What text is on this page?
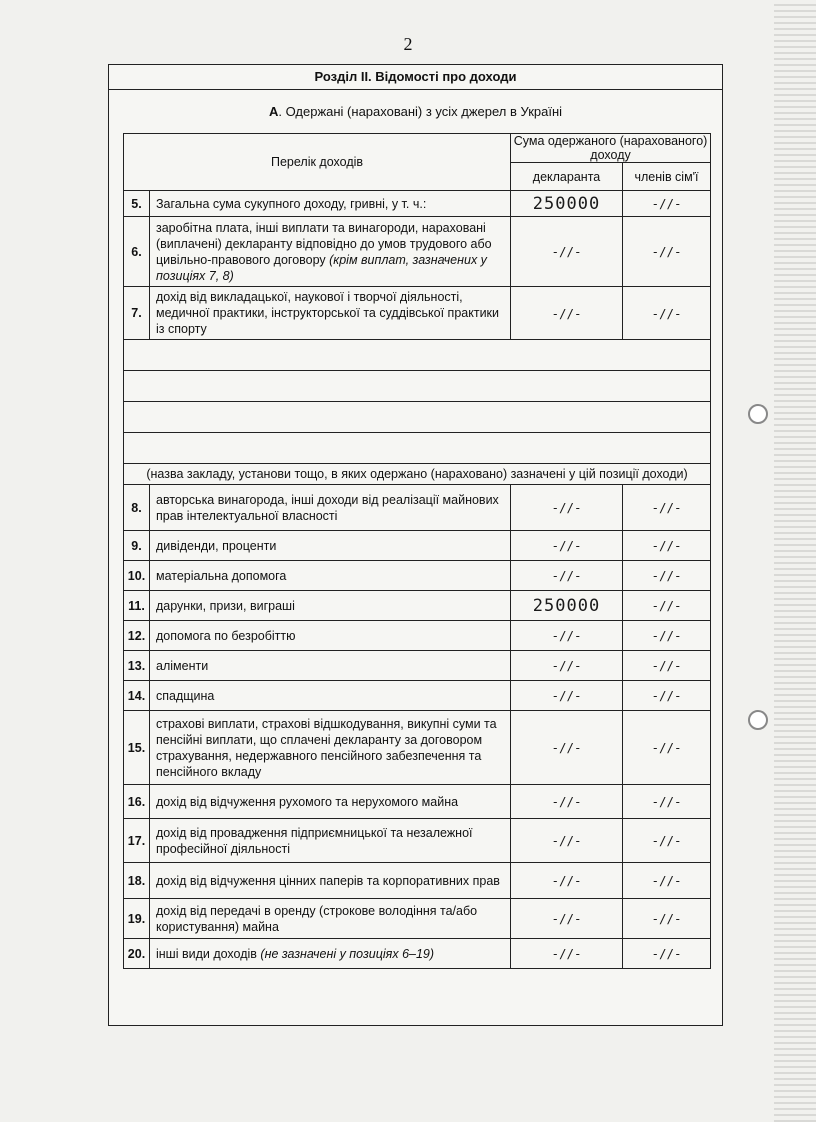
2
Розділ ІІ. Відомості про доходи
А. Одержані (нараховані) з усіх джерел в Україні
Перелік доходів		Сума одержаного (нарахованого) доходу	
		декларанта	членів сім'ї
5.	Загальна сума сукупного доходу, гривні, у т. ч.:	250000	-//-
6.	заробітна плата, інші виплати та винагороди, нараховані (виплачені) декларанту відповідно до умов трудового або цивільно-правового договору (крім виплат, зазначених у позиціях 7, 8)	-//-	-//-
7.	дохід від викладацької, наукової і творчої діяльності, медичної практики, інструкторської та суддівської практики із спорту	-//-	-//-

(назва закладу, установи тощо, в яких одержано (нараховано) зазначені у цій позиції доходи)			
8.	авторська винагорода, інші доходи від реалізації майнових прав інтелектуальної власності	-//-	-//-
9.	дивіденди, проценти	-//-	-//-
10.	матеріальна допомога	-//-	-//-
11.	дарунки, призи, виграші	250000	-//-
12.	допомога по безробіттю	-//-	-//-
13.	аліменти	-//-	-//-
14.	спадщина	-//-	-//-
15.	страхові виплати, страхові відшкодування, викупні суми та пенсійні виплати, що сплачені декларанту за договором страхування, недержавного пенсійного забезпечення та пенсійного вкладу	-//-	-//-
16.	дохід від відчуження рухомого та нерухомого майна	-//-	-//-
17.	дохід від провадження підприємницької та незалежної професійної діяльності	-//-	-//-
18.	дохід від відчуження цінних паперів та корпоративних прав	-//-	-//-
19.	дохід від передачі в оренду (строкове володіння та/або користування) майна	-//-	-//-
20.	інші види доходів (не зазначені у позиціях 6–19)	-//-	-//-
